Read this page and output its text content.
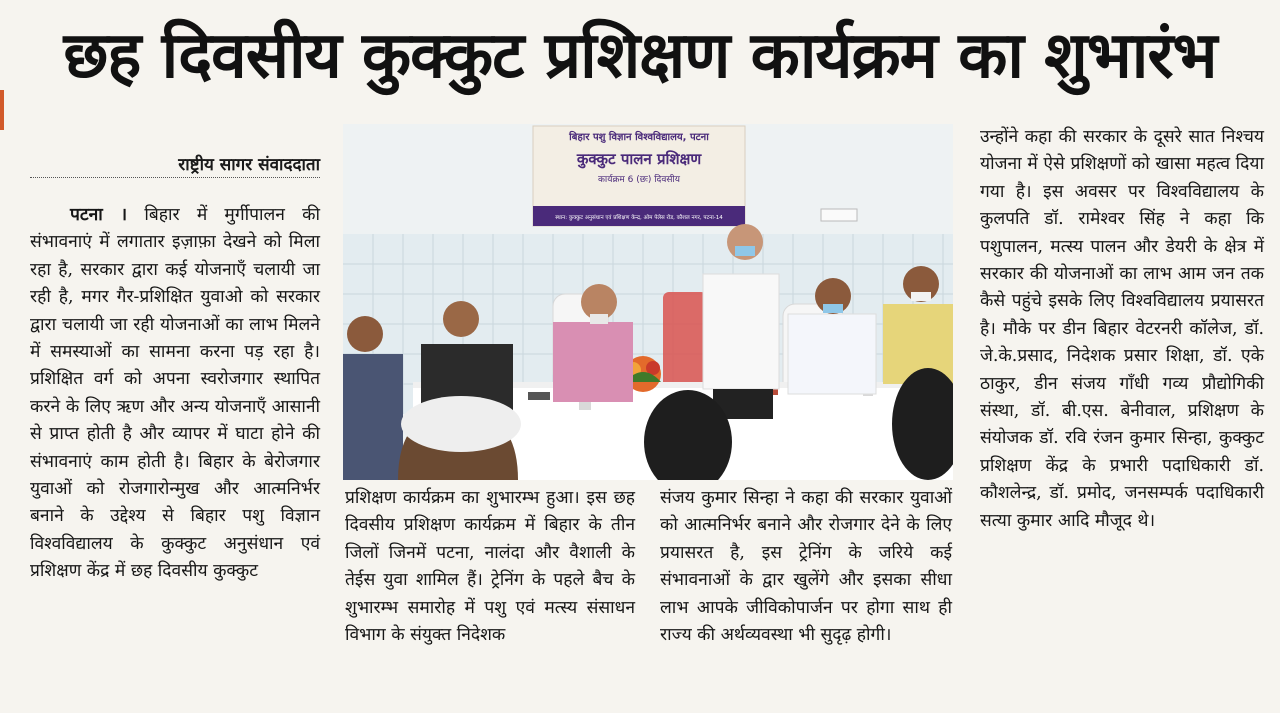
छह दिवसीय कुक्कुट प्रशिक्षण कार्यक्रम का शुभारंभ
राष्ट्रीय सागर संवाददाता
पटना । बिहार में मुर्गीपालन की संभावनाएं में लगातार इज़ाफ़ा देखने को मिला रहा है, सरकार द्वारा कई योजनाएँ चलायी जा रही है, मगर गैर-प्रशिक्षित युवाओ को सरकार द्वारा चलायी जा रही योजनाओं का लाभ मिलने में समस्याओं का सामना करना पड़ रहा है। प्रशिक्षित वर्ग को अपना स्वरोजगार स्थापित करने के लिए ऋण और अन्य योजनाएँ आसानी से प्राप्त होती है और व्यापर में घाटा होने की संभावनाएं काम होती है। बिहार के बेरोजगार युवाओं को रोजगारोन्मुख और आत्मनिर्भर बनाने के उद्देश्य से बिहार पशु विज्ञान विश्वविद्यालय के कुक्कुट अनुसंधान एवं प्रशिक्षण केंद्र में छह दिवसीय कुक्कुट
बिहार पशु विज्ञान विश्वविद्यालय, पटना
कुक्कुट पालन प्रशिक्षण
कार्यक्रम 6 (छः) दिवसीय
स्थान: कुक्कुट अनुसंधान एवं प्रशिक्षण केन्द्र, ओम पेलेस रोड, कौशल नगर, पटना-14
प्रशिक्षण कार्यक्रम का शुभारम्भ हुआ। इस छह दिवसीय प्रशिक्षण कार्यक्रम में बिहार के तीन जिलों जिनमें पटना, नालंदा और वैशाली के तेईस युवा शामिल हैं। ट्रेनिंग के पहले बैच के शुभारम्भ समारोह में पशु एवं मत्स्य संसाधन विभाग के संयुक्त निदेशक
संजय कुमार सिन्हा ने कहा की सरकार युवाओं को आत्मनिर्भर बनाने और रोजगार देने के लिए प्रयासरत है, इस ट्रेनिंग के जरिये कई संभावनाओं के द्वार खुलेंगे और इसका सीधा लाभ आपके जीविकोपार्जन पर होगा साथ ही राज्य की अर्थव्यवस्था भी सुदृढ़ होगी।
उन्होंने कहा की सरकार के दूसरे सात निश्चय योजना में ऐसे प्रशिक्षणों को खासा महत्व दिया गया है। इस अवसर पर विश्वविद्यालय के कुलपति डॉ. रामेश्वर सिंह ने कहा कि पशुपालन, मत्स्य पालन और डेयरी के क्षेत्र में सरकार की योजनाओं का लाभ आम जन तक कैसे पहुंचे इसके लिए विश्वविद्यालय प्रयासरत है। मौके पर डीन बिहार वेटरनरी कॉलेज, डॉ. जे.के.प्रसाद, निदेशक प्रसार शिक्षा, डॉ. एके ठाकुर, डीन संजय गाँधी गव्य प्रौद्योगिकी संस्था, डॉ. बी.एस. बेनीवाल, प्रशिक्षण के संयोजक डॉ. रवि रंजन कुमार सिन्हा, कुक्कुट प्रशिक्षण केंद्र के प्रभारी पदाधिकारी डॉ. कौशलेन्द्र, डॉ. प्रमोद, जनसम्पर्क पदाधिकारी सत्या कुमार आदि मौजूद थे।
